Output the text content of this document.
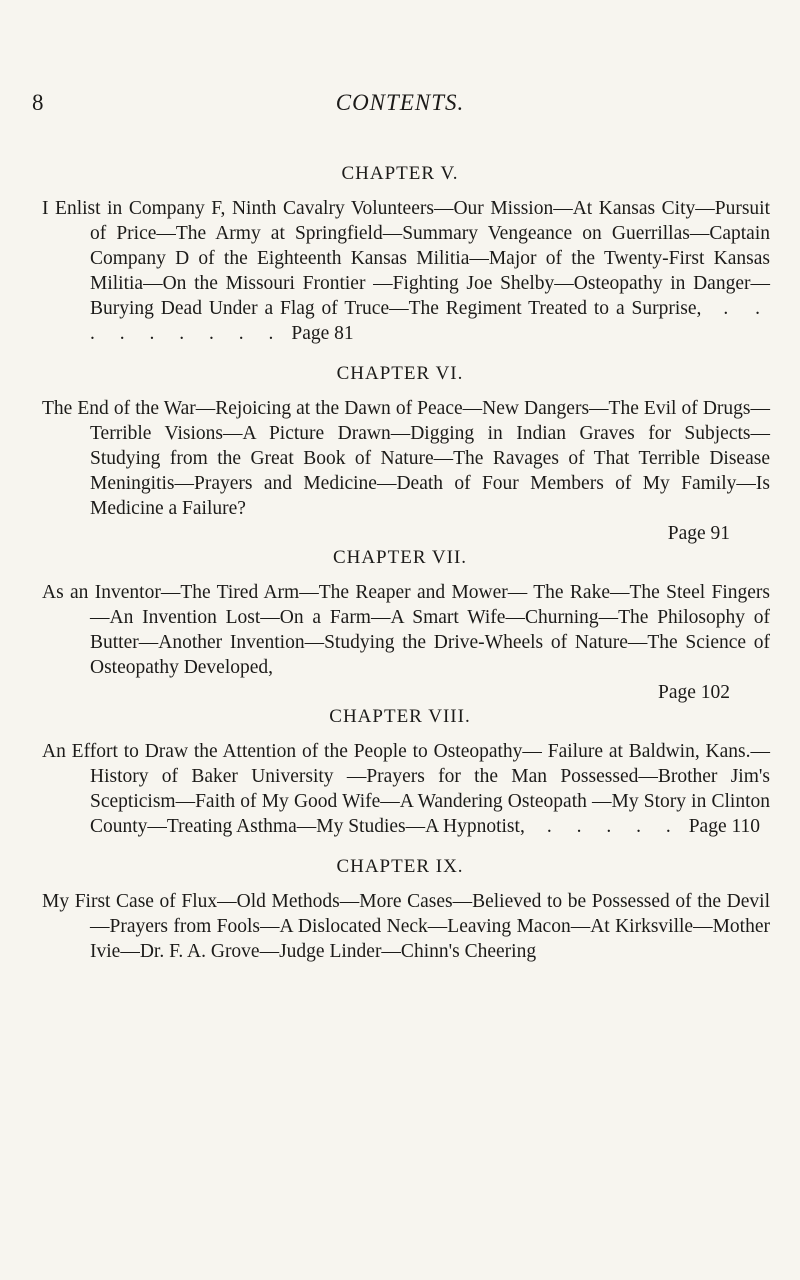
8	CONTENTS.
CHAPTER V.
I Enlist in Company F, Ninth Cavalry Volunteers—Our Mission—At Kansas City—Pursuit of Price—The Army at Springfield—Summary Vengeance on Guerrillas—Captain Company D of the Eighteenth Kansas Militia—Major of the Twenty-First Kansas Militia—On the Missouri Frontier —Fighting Joe Shelby—Osteopathy in Danger—Burying Dead Under a Flag of Truce—The Regiment Treated to a Surprise, . . . . . . . . . Page 81
CHAPTER VI.
The End of the War—Rejoicing at the Dawn of Peace—New Dangers—The Evil of Drugs—Terrible Visions—A Picture Drawn—Digging in Indian Graves for Subjects—Studying from the Great Book of Nature—The Ravages of That Terrible Disease Meningitis—Prayers and Medicine—Death of Four Members of My Family—Is Medicine a Failure?
Page 91
CHAPTER VII.
As an Inventor—The Tired Arm—The Reaper and Mower— The Rake—The Steel Fingers—An Invention Lost—On a Farm—A Smart Wife—Churning—The Philosophy of Butter—Another Invention—Studying the Drive-Wheels of Nature—The Science of Osteopathy Developed,
Page 102
CHAPTER VIII.
An Effort to Draw the Attention of the People to Osteopathy— Failure at Baldwin, Kans.—History of Baker University —Prayers for the Man Possessed—Brother Jim's Scepticism—Faith of My Good Wife—A Wandering Osteopath —My Story in Clinton County—Treating Asthma—My Studies—A Hypnotist, . . . . . Page 110
CHAPTER IX.
My First Case of Flux—Old Methods—More Cases—Believed to be Possessed of the Devil—Prayers from Fools—A Dislocated Neck—Leaving Macon—At Kirksville—Mother Ivie—Dr. F. A. Grove—Judge Linder—Chinn's Cheering
